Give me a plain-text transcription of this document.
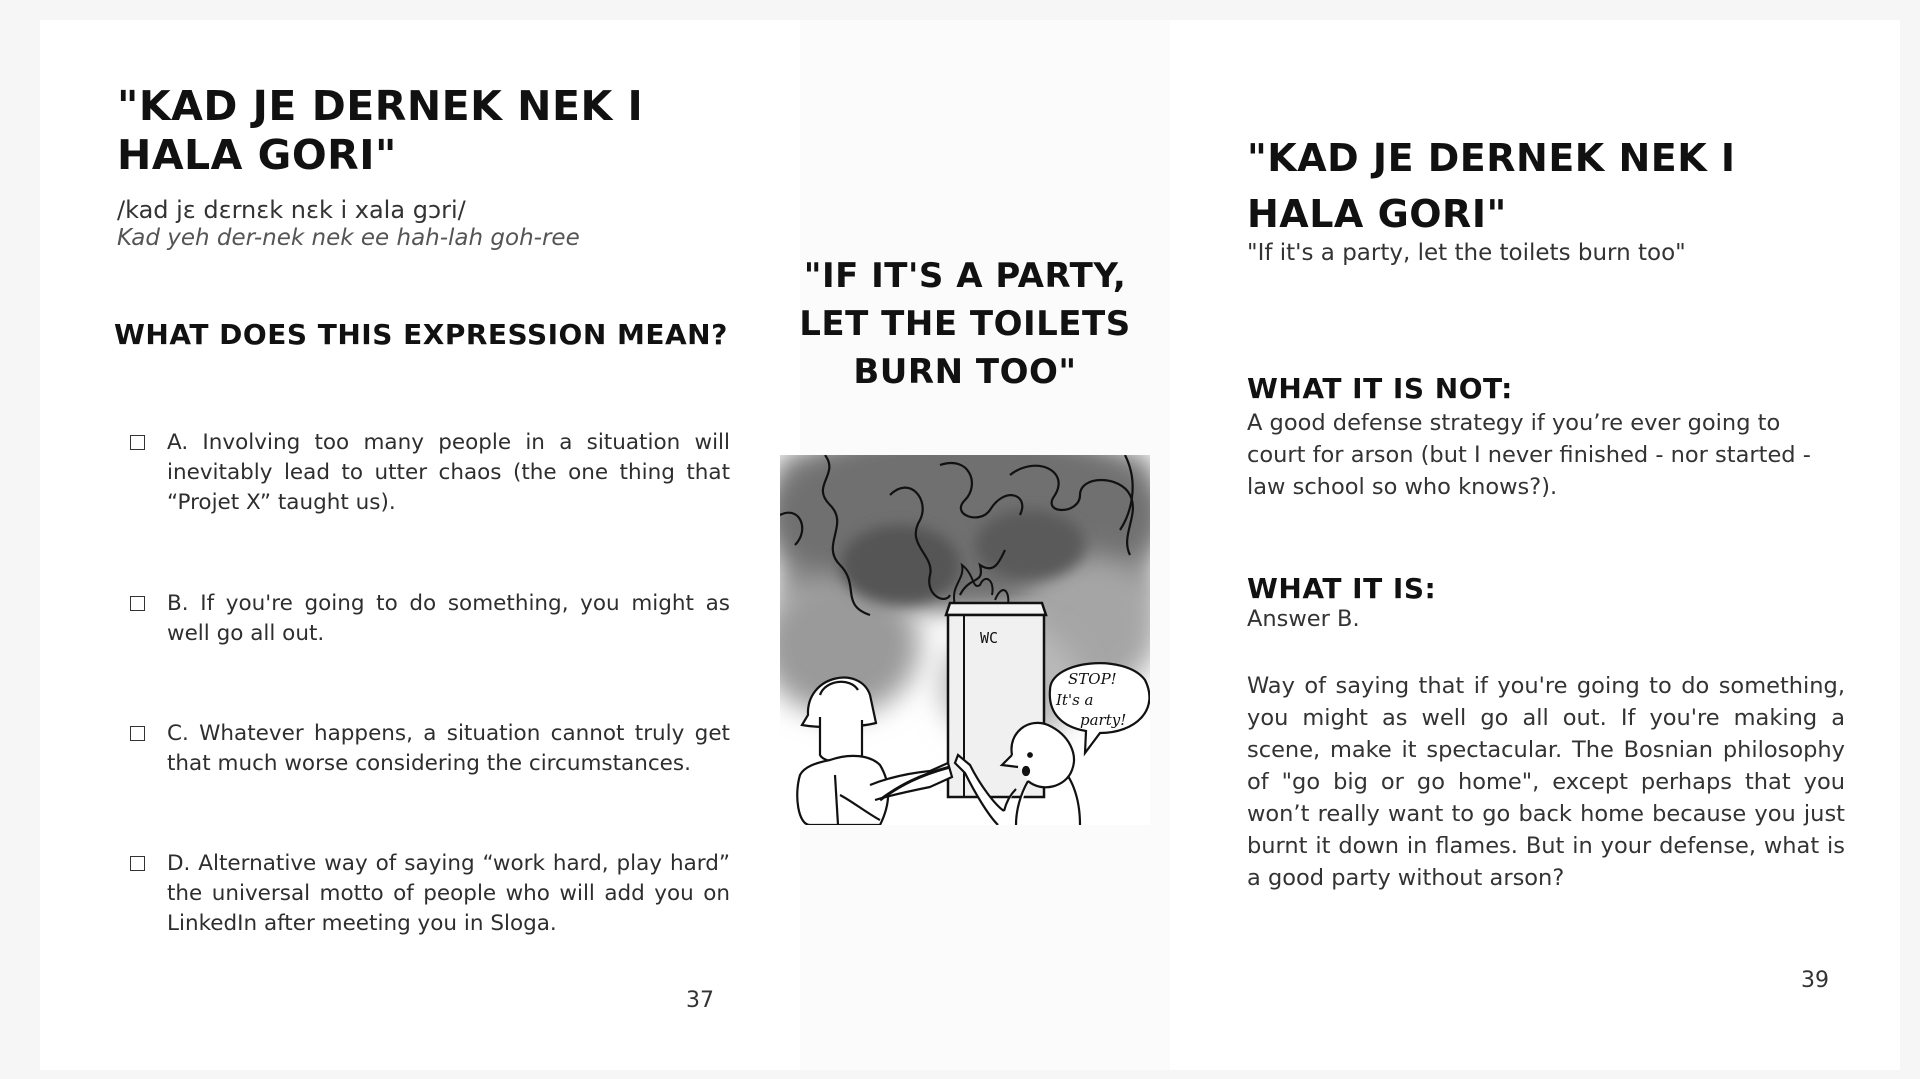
"KAD JE DERNEK NEK I HALA GORI"
/kad jɛ dɛrnɛk nɛk i xala gɔri/
Kad yeh der-nek nek ee hah-lah goh-ree
WHAT DOES THIS EXPRESSION MEAN?
A. Involving too many people in a situation will inevitably lead to utter chaos (the one thing that “Projet X” taught us).
B. If you're going to do something, you might as well go all out.
C. Whatever happens, a situation cannot truly get that much worse considering the circumstances.
D. Alternative way of saying “work hard, play hard” the universal motto of people who will add you on LinkedIn after meeting you in Sloga.
37
"IF IT'S A PARTY, LET THE TOILETS BURN TOO"
WC
STOP!
It's a
party!
"KAD JE DERNEK NEK I HALA GORI"
"If it's a party, let the toilets burn too"
WHAT IT IS NOT:
A good defense strategy if you’re ever going to court for arson (but I never finished - nor started - law school so who knows?).
WHAT IT IS:
Answer B.
Way of saying that if you're going to do something, you might as well go all out. If you're making a scene, make it spectacular. The Bosnian philosophy of "go big or go home", except perhaps that you won’t really want to go back home because you just burnt it down in flames. But in your defense, what is a good party without arson?
39
